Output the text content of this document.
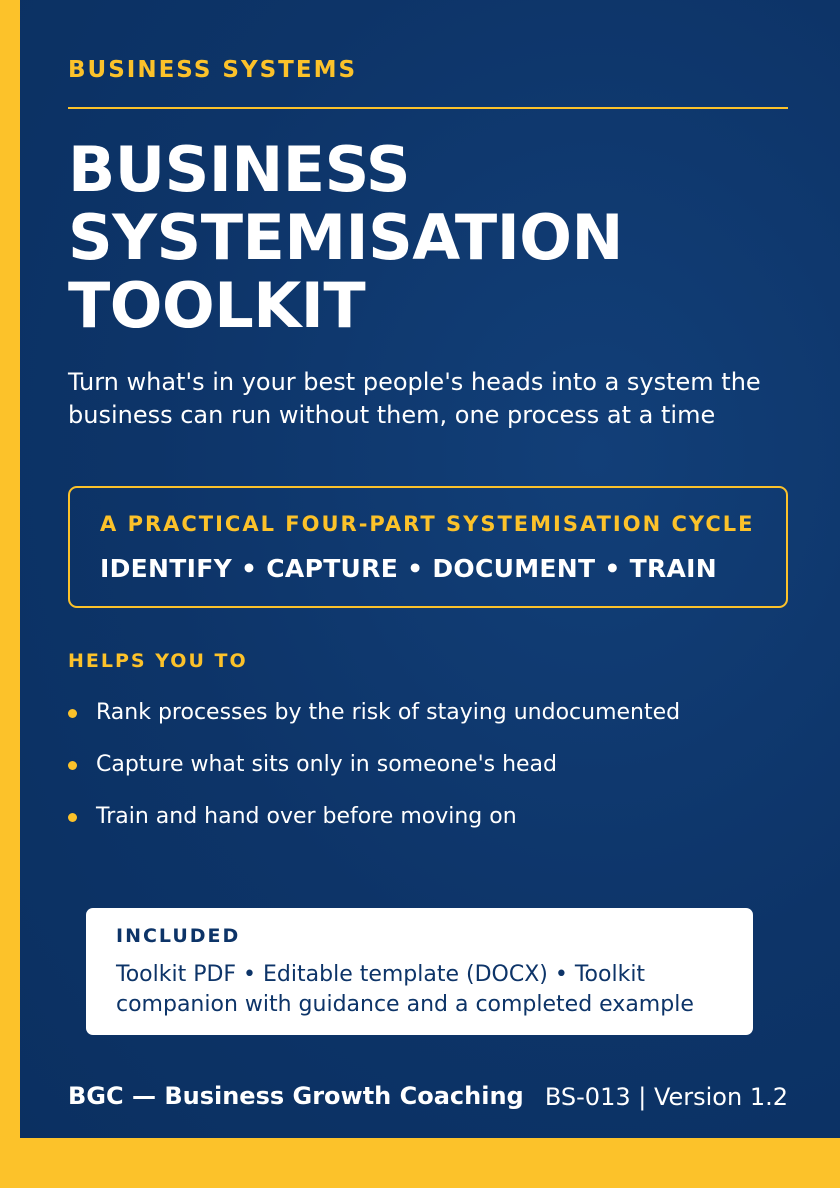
BUSINESS SYSTEMS
BUSINESS
SYSTEMISATION
TOOLKIT
Turn what's in your best people's heads into a system the business can run without them, one process at a time
A PRACTICAL FOUR-PART SYSTEMISATION CYCLE
IDENTIFY • CAPTURE • DOCUMENT • TRAIN
HELPS YOU TO
Rank processes by the risk of staying undocumented
Capture what sits only in someone's head
Train and hand over before moving on
INCLUDED
Toolkit PDF • Editable template (DOCX) • Toolkit companion with guidance and a completed example
BGC — Business Growth Coaching BS-013 | Version 1.2
